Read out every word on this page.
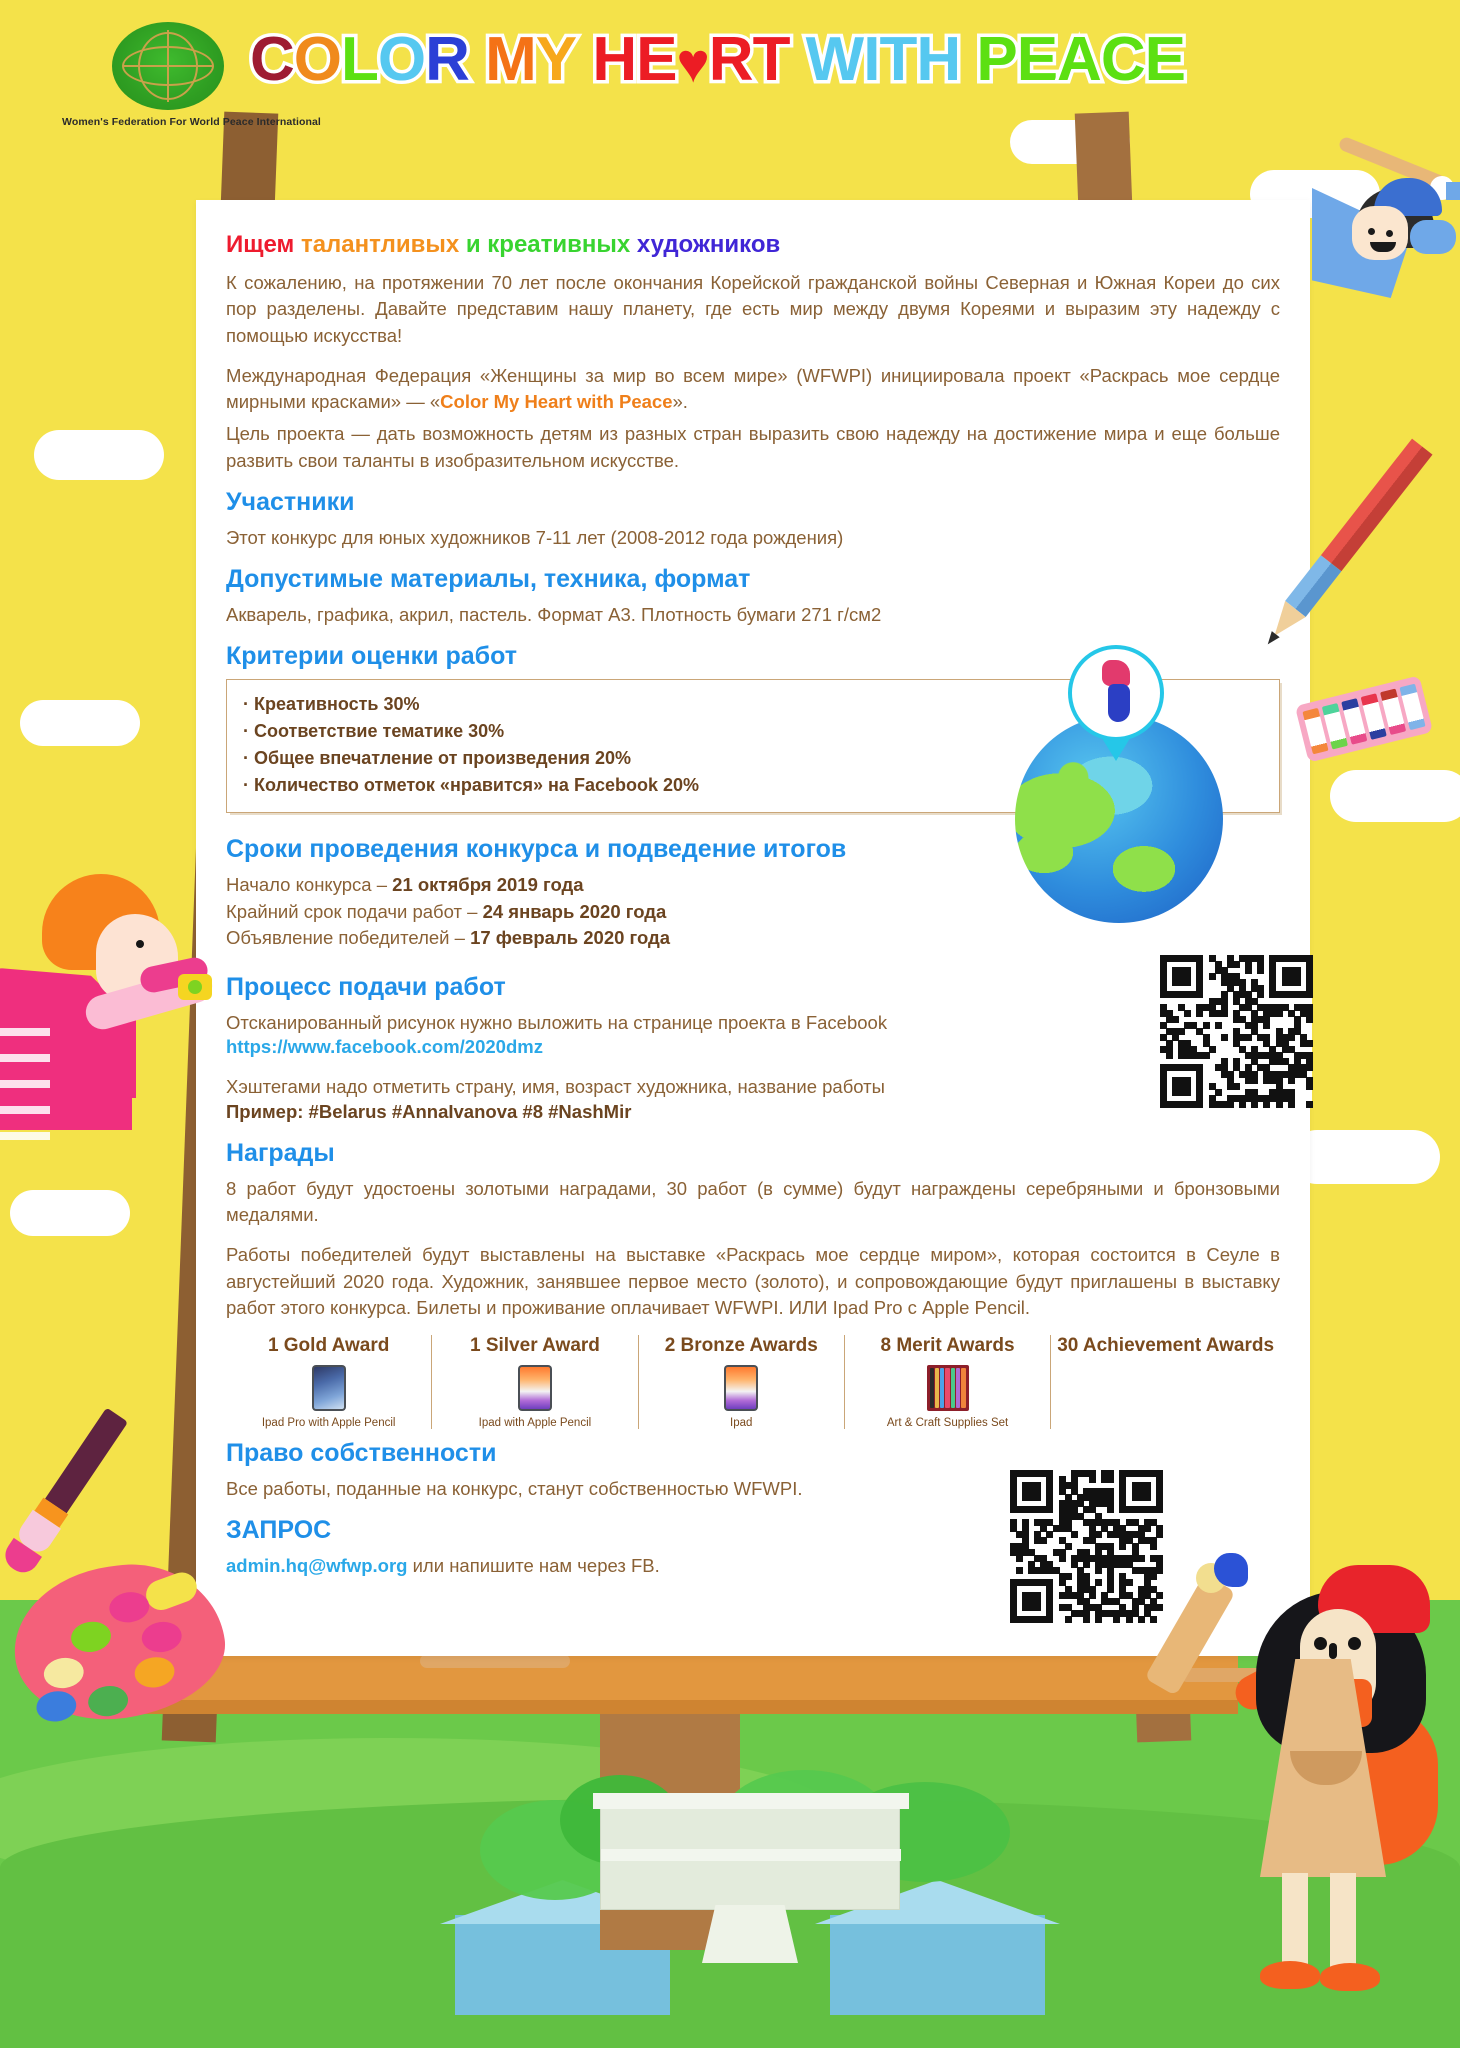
Women's Federation For World Peace International
COLOR MY HE♥RT WITH PEACE
Ищем талантливых и креативных художников

К сожалению, на протяжении 70 лет после окончания Корейской гражданской войны Северная и Южная Кореи до сих пор разделены. Давайте представим нашу планету, где есть мир между двумя Кореями и выразим эту надежду с помощью искусства!

Международная Федерация «Женщины за мир во всем мире» (WFWPI) инициировала проект «Раскрась мое сердце мирными красками» — «Color My Heart with Peace».

Цель проекта — дать возможность детям из разных стран выразить свою надежду на достижение мира и еще больше развить свои таланты в изобразительном искусстве.

Участники

Этот конкурс для юных художников 7-11 лет (2008-2012 года рождения)

Допустимые материалы, техника, формат

Акварель, графика, акрил, пастель. Формат А3. Плотность бумаги 271 г/см2

Критерии оценки работ
· Креативность 30%
· Соответствие тематике 30%
· Общее впечатление от произведения 20%
· Количество отметок «нравится» на Facebook 20%
Сроки проведения конкурса и подведение итогов
Начало конкурса – 21 октября 2019 года
Крайний срок подачи работ – 24 январь 2020 года
Объявление победителей – 17 февраль 2020 года
Процесс подачи работ

Отсканированный рисунок нужно выложить на странице проекта в Facebook

https://www.facebook.com/2020dmz

Хэштегами надо отметить страну, имя, возраст художника, название работы

Пример: #Belarus #AnnaIvanova #8 #NashMir
Награды

8 работ будут удостоены золотыми наградами, 30 работ (в сумме) будут награждены серебряными и бронзовыми медалями.

Работы победителей будут выставлены на выставке «Раскрась мое сердце миром», которая состоится в Сеуле в августейший 2020 года. Художник, занявшее первое место (золото), и сопровождающие будут приглашены в выставку работ этого конкурса. Билеты и проживание оплачивает WFWPI. ИЛИ Ipad Pro с Apple Pencil.

1 Gold Award
Ipad Pro with Apple Pencil
1 Silver Award
Ipad with Apple Pencil
2 Bronze Awards
Ipad
8 Merit Awards
Art & Craft Supplies Set
30 Achievement Awards
Право собственности

Все работы, поданные на конкурс, станут собственностью WFWPI.

ЗАПРОС

admin.hq@wfwp.org или напишите нам через FB.
